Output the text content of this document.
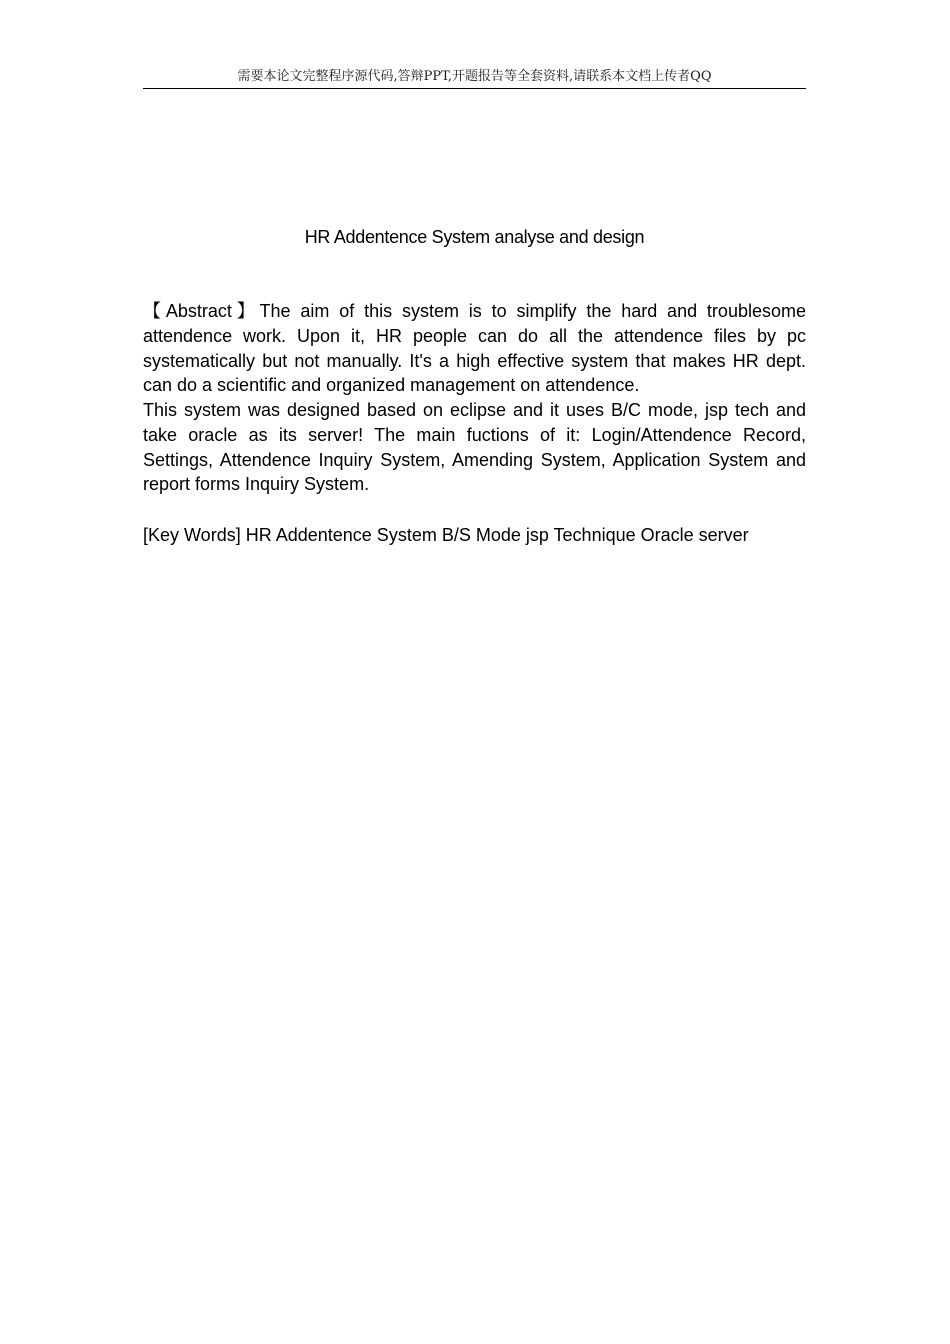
需要本论文完整程序源代码,答辩PPT,开题报告等全套资料,请联系本文档上传者QQ
HR Addentence System analyse and design

【Abstract】The aim of this system is to simplify the hard and troublesome attendence work. Upon it, HR people can do all the attendence files by pc systematically but not manually. It's a high effective system that makes HR dept. can do a scientific and organized management on attendence.

This system was designed based on eclipse and it uses B/C mode, jsp tech and take oracle as its server! The main fuctions of it: Login/Attendence Record, Settings, Attendence Inquiry System, Amending System, Application System and report forms Inquiry System.

[Key Words] HR Addentence System B/S Mode jsp Technique Oracle server
